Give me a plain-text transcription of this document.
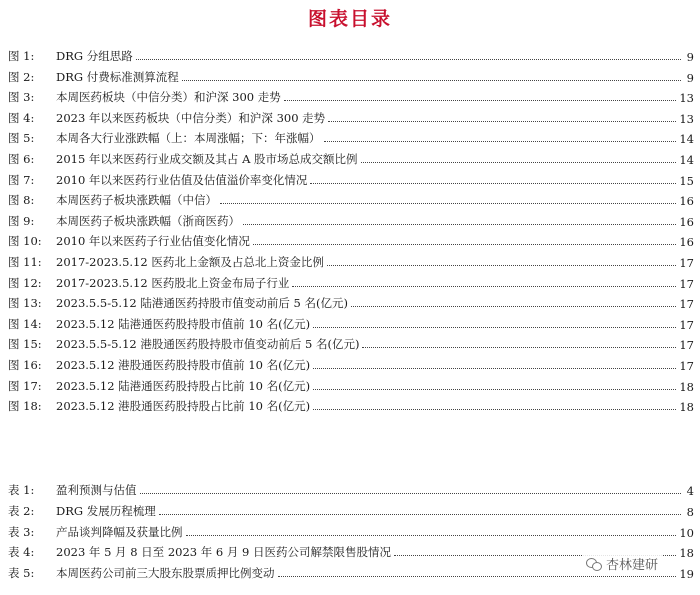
图表目录
图 1:	DRG 分组思路	9
图 2:	DRG 付费标准测算流程	9
图 3:	本周医药板块（中信分类）和沪深 300 走势	13
图 4:	2023 年以来医药板块（中信分类）和沪深 300 走势	13
图 5:	本周各大行业涨跌幅（上：本周涨幅；下：年涨幅）	14
图 6:	2015 年以来医药行业成交额及其占 A 股市场总成交额比例	14
图 7:	2010 年以来医药行业估值及估值溢价率变化情况	15
图 8:	本周医药子板块涨跌幅（中信）	16
图 9:	本周医药子板块涨跌幅（浙商医药）	16
图 10:	2010 年以来医药子行业估值变化情况	16
图 11:	2017-2023.5.12 医药北上金额及占总北上资金比例	17
图 12:	2017-2023.5.12 医药股北上资金布局子行业	17
图 13:	2023.5.5-5.12 陆港通医药持股市值变动前后 5 名(亿元)	17
图 14:	2023.5.12 陆港通医药股持股市值前 10 名(亿元)	17
图 15:	2023.5.5-5.12 港股通医药股持股市值变动前后 5 名(亿元)	17
图 16:	2023.5.12 港股通医药股持股市值前 10 名(亿元)	17
图 17:	2023.5.12 陆港通医药股持股占比前 10 名(亿元)	18
图 18:	2023.5.12 港股通医药股持股占比前 10 名(亿元)	18
表 1:	盈利预测与估值	4
表 2:	DRG 发展历程梳理	8
表 3:	产品谈判降幅及获量比例	10
表 4:	2023 年 5 月 8 日至 2023 年 6 月 9 日医药公司解禁限售股情况	18
表 5:	本周医药公司前三大股东股票质押比例变动	19
杏林建研
